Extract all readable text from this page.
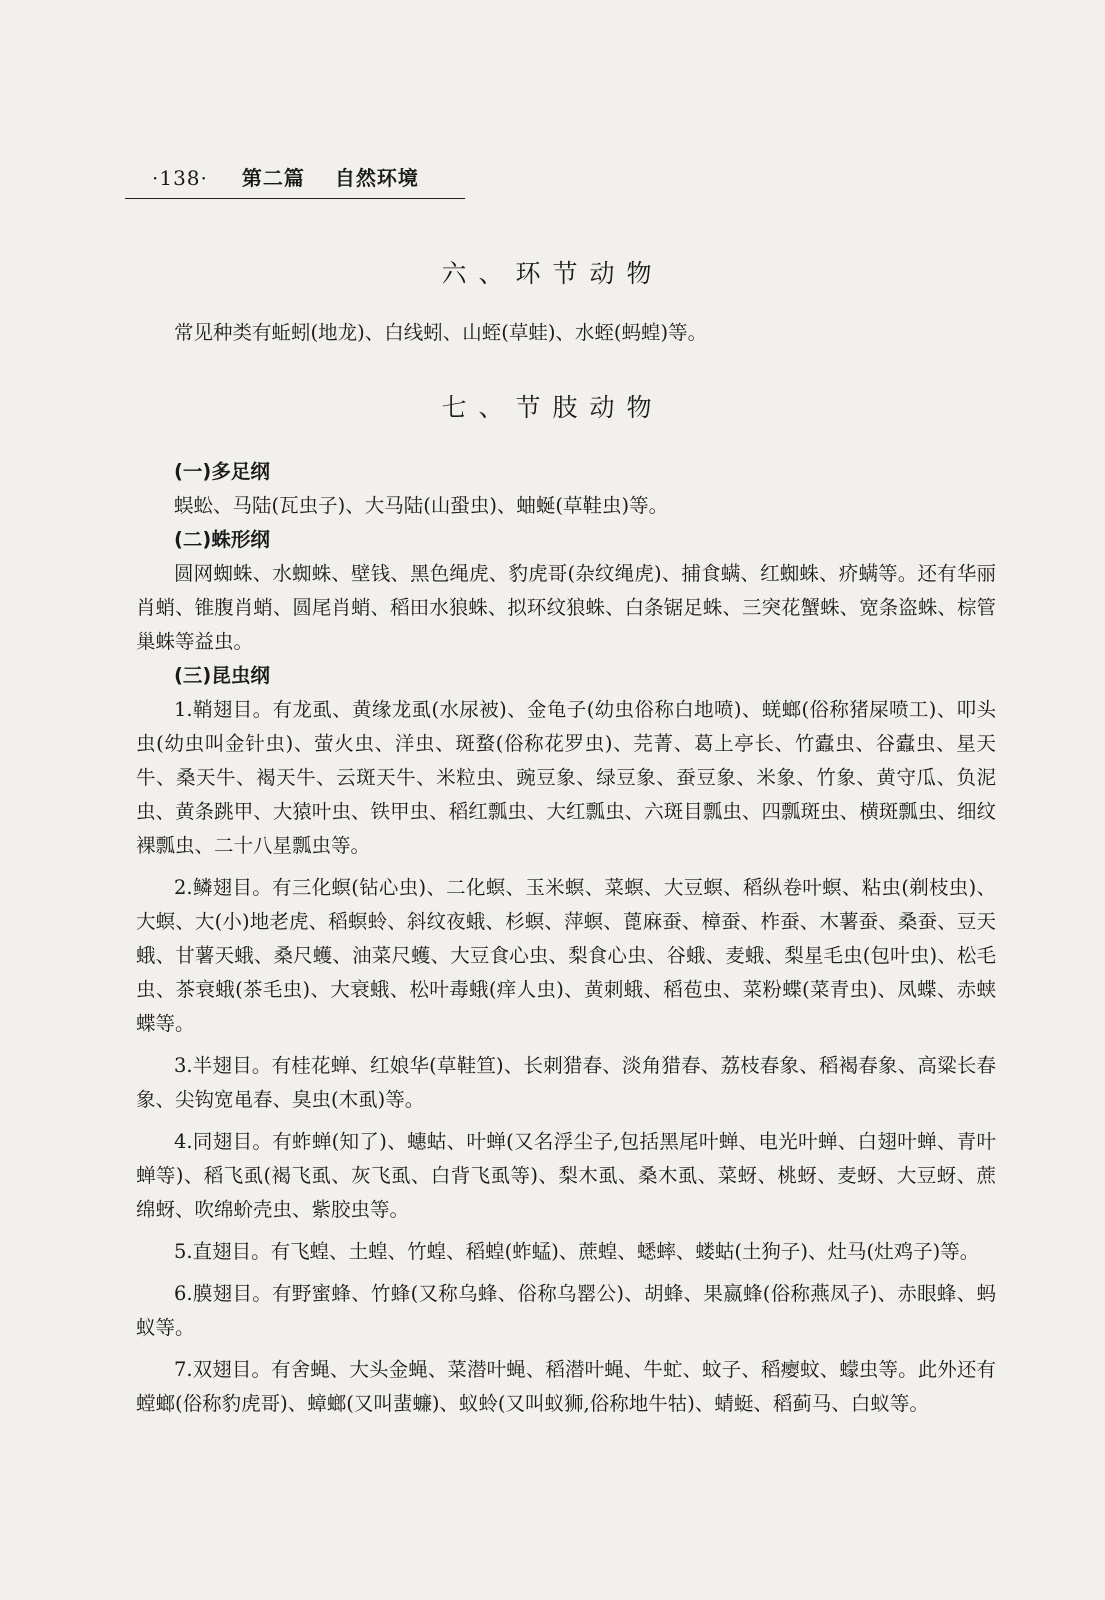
·138· 第二篇 自然环境
六、环节动物

常见种类有蚯蚓(地龙)、白线蚓、山蛭(草蛙)、水蛭(蚂蝗)等。

七、节肢动物
(一)多足纲

蜈蚣、马陆(瓦虫子)、大马陆(山蛩虫)、蚰蜒(草鞋虫)等。

(二)蛛形纲

圆网蜘蛛、水蜘蛛、壁钱、黑色绳虎、豹虎哥(杂纹绳虎)、捕食螨、红蜘蛛、疥螨等。还有华丽肖蛸、锥腹肖蛸、圆尾肖蛸、稻田水狼蛛、拟环纹狼蛛、白条锯足蛛、三突花蟹蛛、宽条盗蛛、棕管巢蛛等益虫。

(三)昆虫纲

1.鞘翅目。有龙虱、黄缘龙虱(水尿被)、金龟子(幼虫俗称白地喷)、蜣螂(俗称猪屎喷工)、叩头虫(幼虫叫金针虫)、萤火虫、洋虫、斑蝥(俗称花罗虫)、芫菁、葛上亭长、竹蠹虫、谷蠹虫、星天牛、桑天牛、褐天牛、云斑天牛、米粒虫、豌豆象、绿豆象、蚕豆象、米象、竹象、黄守瓜、负泥虫、黄条跳甲、大猿叶虫、铁甲虫、稻红瓢虫、大红瓢虫、六斑目瓢虫、四瓢斑虫、横斑瓢虫、细纹裸瓢虫、二十八星瓢虫等。

2.鳞翅目。有三化螟(钻心虫)、二化螟、玉米螟、菜螟、大豆螟、稻纵卷叶螟、粘虫(剃枝虫)、大螟、大(小)地老虎、稻螟蛉、斜纹夜蛾、杉螟、萍螟、蓖麻蚕、樟蚕、柞蚕、木薯蚕、桑蚕、豆天蛾、甘薯天蛾、桑尺蠖、油菜尺蠖、大豆食心虫、梨食心虫、谷蛾、麦蛾、梨星毛虫(包叶虫)、松毛虫、茶衰蛾(茶毛虫)、大衰蛾、松叶毒蛾(痒人虫)、黄刺蛾、稻苞虫、菜粉蝶(菜青虫)、凤蝶、赤蛱蝶等。

3.半翅目。有桂花蝉、红娘华(草鞋笪)、长刺猎春、淡角猎春、荔枝春象、稻褐春象、高粱长春象、尖钩宽黾春、臭虫(木虱)等。

4.同翅目。有蚱蝉(知了)、蟪蛄、叶蝉(又名浮尘子,包括黑尾叶蝉、电光叶蝉、白翅叶蝉、青叶蝉等)、稻飞虱(褐飞虱、灰飞虱、白背飞虱等)、梨木虱、桑木虱、菜蚜、桃蚜、麦蚜、大豆蚜、蔗绵蚜、吹绵蚧壳虫、紫胶虫等。

5.直翅目。有飞蝗、土蝗、竹蝗、稻蝗(蚱蜢)、蔗蝗、蟋蟀、蝼蛄(土狗子)、灶马(灶鸡子)等。

6.膜翅目。有野蜜蜂、竹蜂(又称乌蜂、俗称乌罂公)、胡蜂、果嬴蜂(俗称燕凤子)、赤眼蜂、蚂蚁等。

7.双翅目。有舍蝇、大头金蝇、菜潜叶蝇、稻潜叶蝇、牛虻、蚊子、稻瘿蚊、蠓虫等。此外还有螳螂(俗称豹虎哥)、蟑螂(又叫蜚蠊)、蚁蛉(又叫蚁狮,俗称地牛牯)、蜻蜓、稻蓟马、白蚁等。
